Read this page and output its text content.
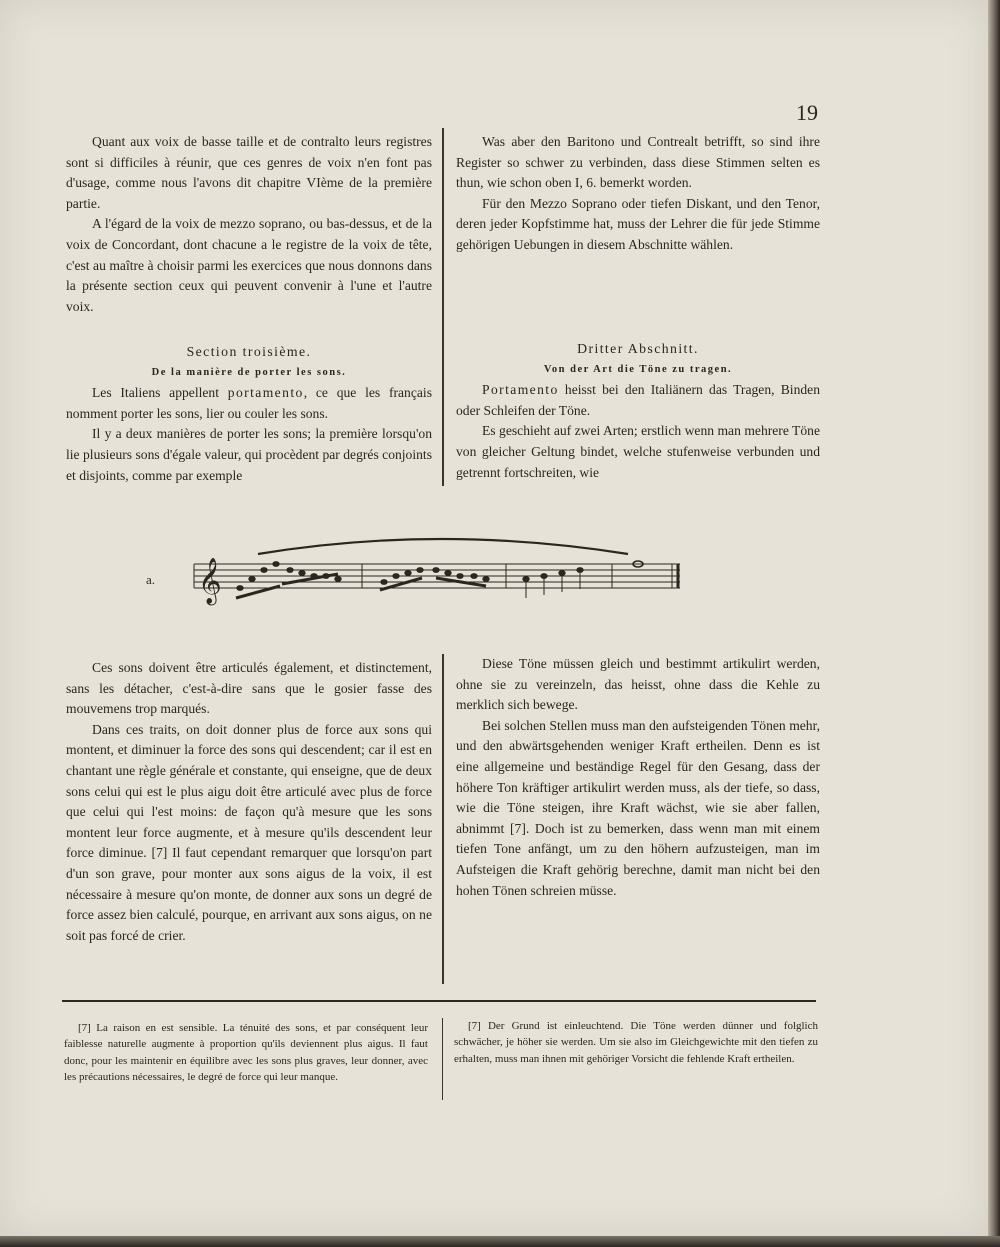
19

Quant aux voix de basse taille et de contralto leurs registres sont si difficiles à réunir, que ces genres de voix n'en font pas d'usage, comme nous l'avons dit chapitre VIème de la première partie.

A l'égard de la voix de mezzo soprano, ou bas-dessus, et de la voix de Concordant, dont chacune a le registre de la voix de tête, c'est au maître à choisir parmi les exercices que nous donnons dans la présente section ceux qui peuvent convenir à l'une et l'autre voix.

Was aber den Baritono und Contrealt betrifft, so sind ihre Register so schwer zu verbinden, dass diese Stimmen selten es thun, wie schon oben I, 6. bemerkt worden.

Für den Mezzo Soprano oder tiefen Diskant, und den Tenor, deren jeder Kopfstimme hat, muss der Lehrer die für jede Stimme gehörigen Uebungen in diesem Abschnitte wählen.

Section troisième.

De la manière de porter les sons.

Les Italiens appellent portamento, ce que les français nomment porter les sons, lier ou couler les sons.

Il y a deux manières de porter les sons; la première lorsqu'on lie plusieurs sons d'égale valeur, qui procèdent par degrés conjoints et disjoints, comme par exemple

Dritter Abschnitt.

Von der Art die Töne zu tragen.

Portamento heisst bei den Italiänern das Tragen, Binden oder Schleifen der Töne.

Es geschieht auf zwei Arten; erstlich wenn man mehrere Töne von gleicher Geltung bindet, welche stufenweise verbunden und getrennt fortschreiten, wie

a. 𝄞

Ces sons doivent être articulés également, et distinctement, sans les détacher, c'est-à-dire sans que le gosier fasse des mouvemens trop marqués.

Dans ces traits, on doit donner plus de force aux sons qui montent, et diminuer la force des sons qui descendent; car il est en chantant une règle générale et constante, qui enseigne, que de deux sons celui qui est le plus aigu doit être articulé avec plus de force que celui qui l'est moins: de façon qu'à mesure que les sons montent leur force augmente, et à mesure qu'ils descendent leur force diminue. [7] Il faut cependant remarquer que lorsqu'on part d'un son grave, pour monter aux sons aigus de la voix, il est nécessaire à mesure qu'on monte, de donner aux sons un degré de force assez bien calculé, pourque, en arrivant aux sons aigus, on ne soit pas forcé de crier.

Diese Töne müssen gleich und bestimmt artikulirt werden, ohne sie zu vereinzeln, das heisst, ohne dass die Kehle zu merklich sich bewege.

Bei solchen Stellen muss man den aufsteigenden Tönen mehr, und den abwärtsgehenden weniger Kraft ertheilen. Denn es ist eine allgemeine und beständige Regel für den Gesang, dass der höhere Ton kräftiger artikulirt werden muss, als der tiefe, so dass, wie die Töne steigen, ihre Kraft wächst, wie sie aber fallen, abnimmt [7]. Doch ist zu bemerken, dass wenn man mit einem tiefen Tone anfängt, um zu den höhern aufzusteigen, man im Aufsteigen die Kraft gehörig berechne, damit man nicht bei den hohen Tönen schreien müsse.

[7] La raison en est sensible. La ténuité des sons, et par conséquent leur faiblesse naturelle augmente à proportion qu'ils deviennent plus aigus. Il faut donc, pour les maintenir en équilibre avec les sons plus graves, leur donner, avec les précautions nécessaires, le degré de force qui leur manque.

[7] Der Grund ist einleuchtend. Die Töne werden dünner und folglich schwächer, je höher sie werden. Um sie also im Gleichgewichte mit den tiefen zu erhalten, muss man ihnen mit gehöriger Vorsicht die fehlende Kraft ertheilen.
